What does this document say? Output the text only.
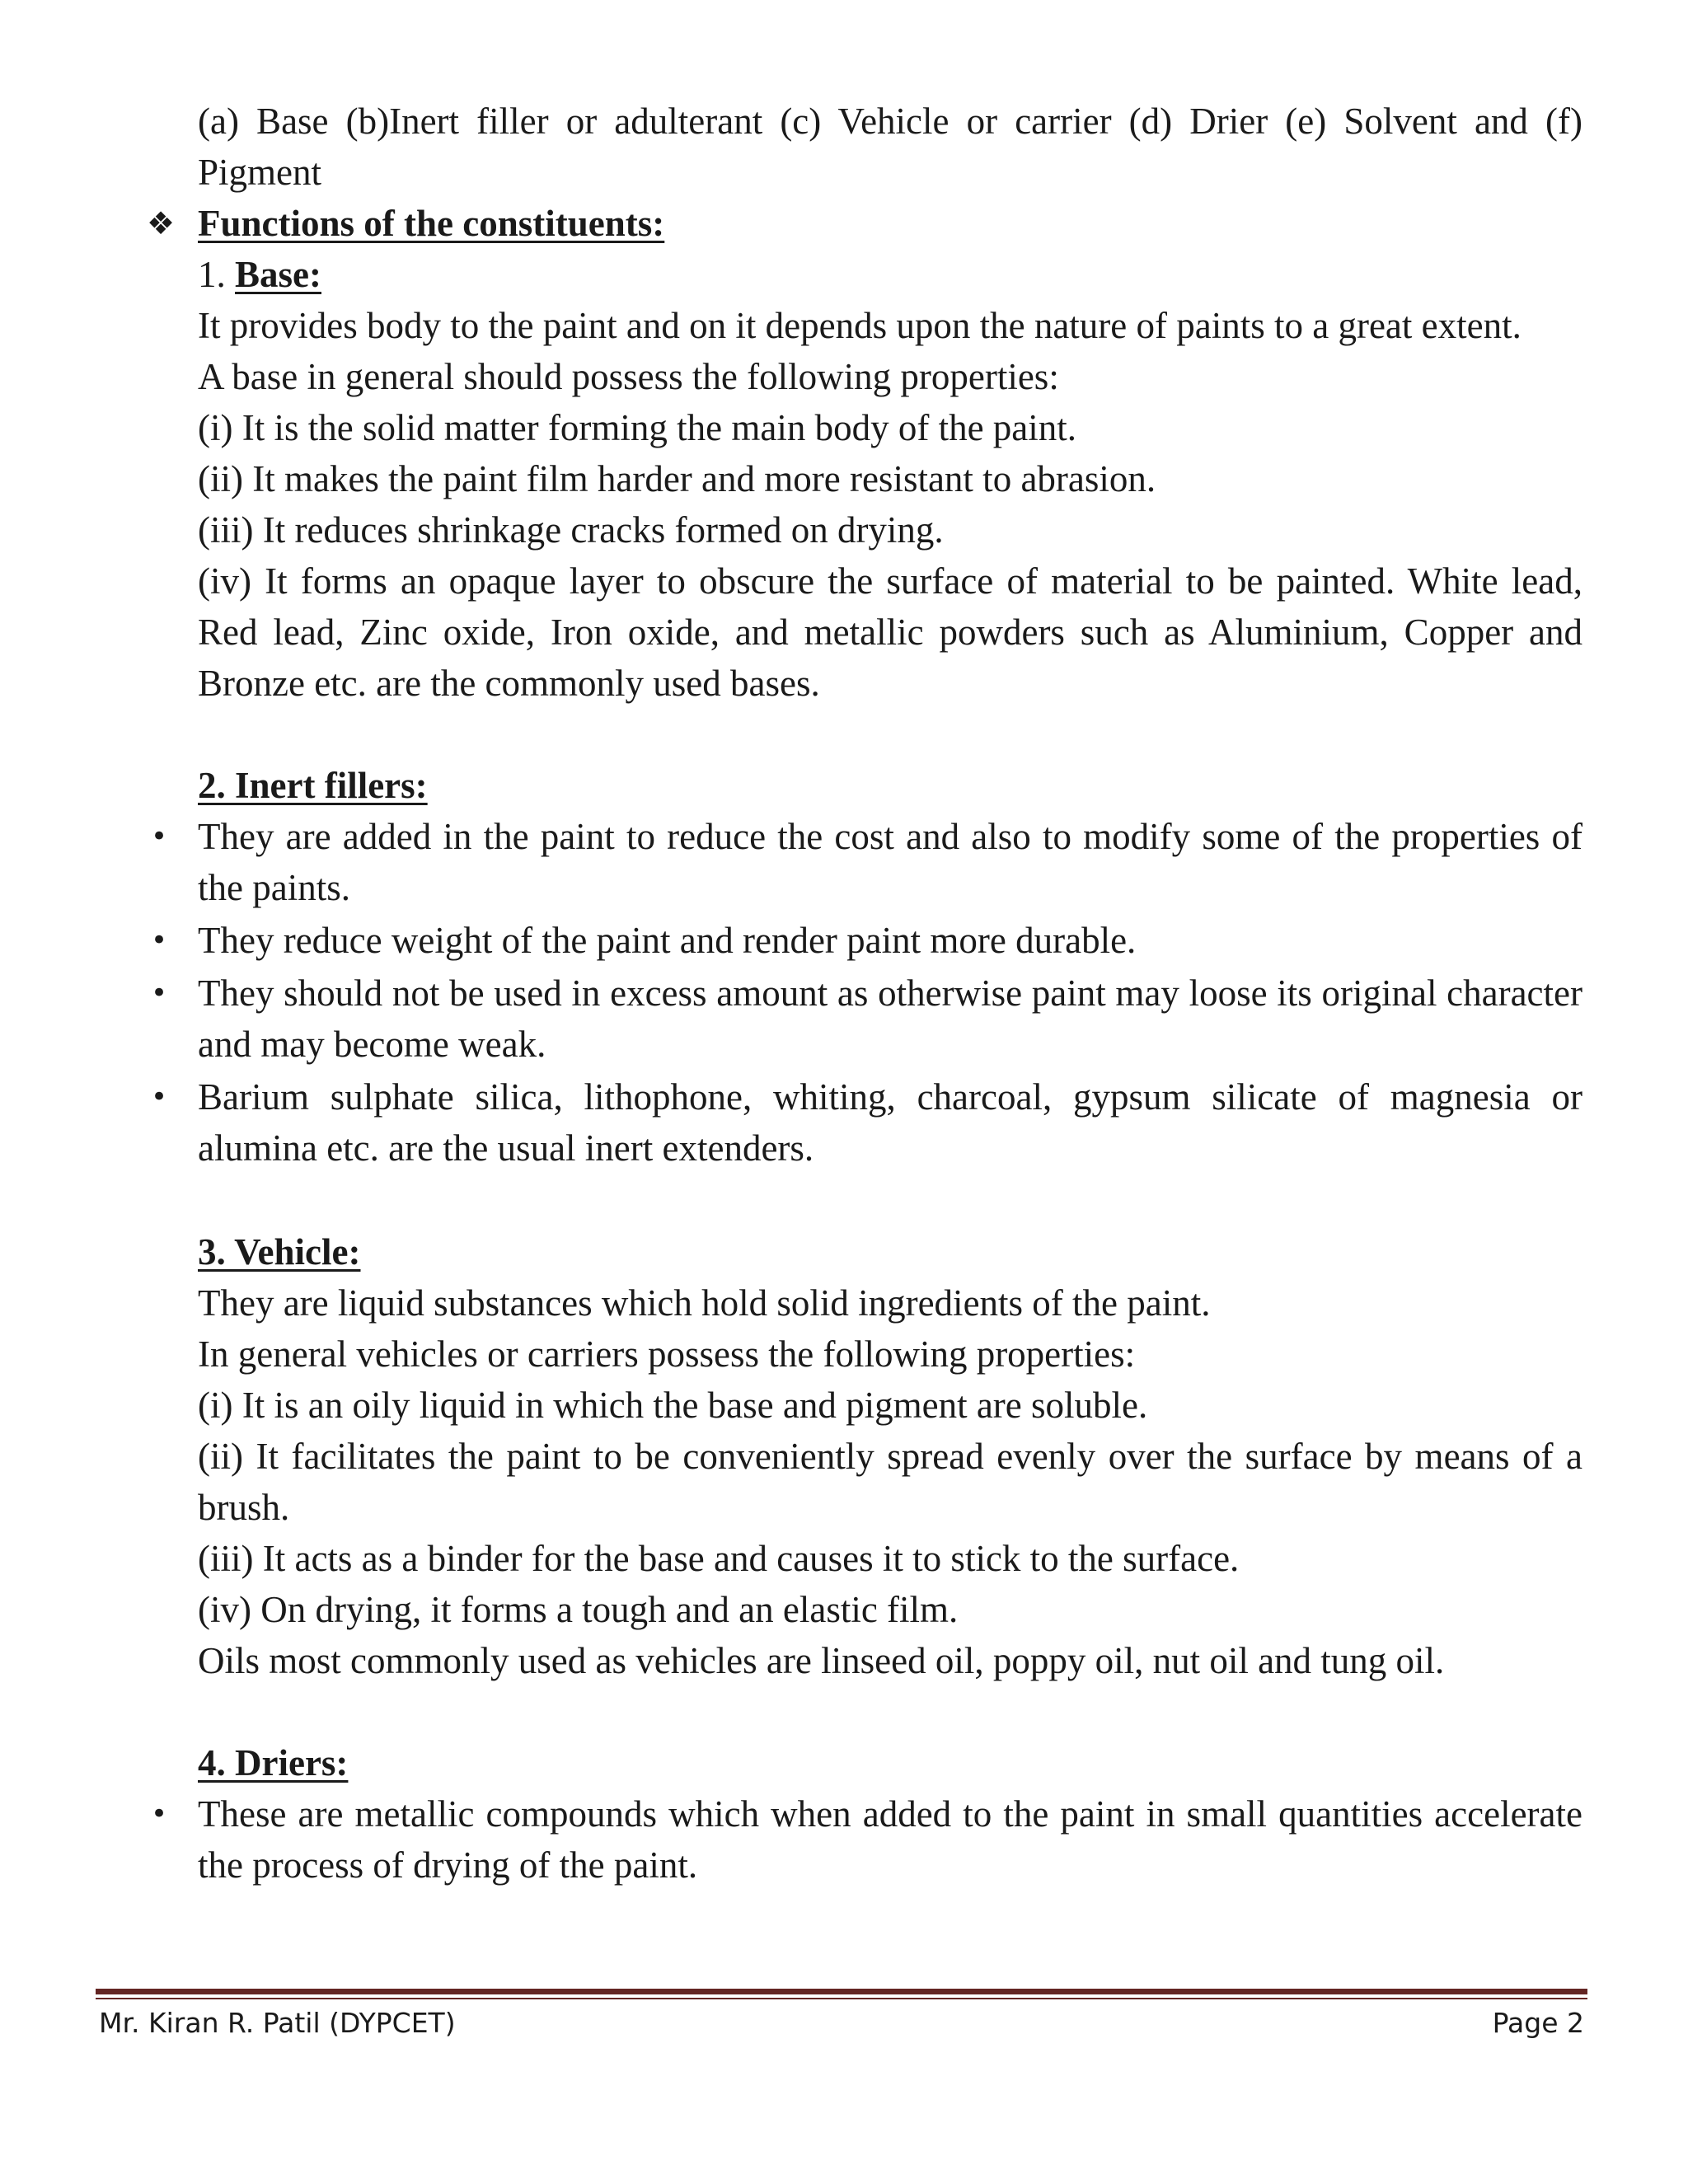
(a) Base (b)Inert filler or adulterant (c) Vehicle or carrier (d) Drier (e) Solvent and (f) Pigment

❖ Functions of the constituents:

1. Base:

It provides body to the paint and on it depends upon the nature of paints to a great extent.

A base in general should possess the following properties:

(i) It is the solid matter forming the main body of the paint.

(ii) It makes the paint film harder and more resistant to abrasion.

(iii) It reduces shrinkage cracks formed on drying.

(iv) It forms an opaque layer to obscure the surface of material to be painted. White lead, Red lead, Zinc oxide, Iron oxide, and metallic powders such as Aluminium, Copper and Bronze etc. are the commonly used bases.

2. Inert fillers:

• They are added in the paint to reduce the cost and also to modify some of the properties of the paints.
• They reduce weight of the paint and render paint more durable.
• They should not be used in excess amount as otherwise paint may loose its original character and may become weak.
• Barium sulphate silica, lithophone, whiting, charcoal, gypsum silicate of magnesia or alumina etc. are the usual inert extenders.

3. Vehicle:

They are liquid substances which hold solid ingredients of the paint.

In general vehicles or carriers possess the following properties:

(i) It is an oily liquid in which the base and pigment are soluble.

(ii) It facilitates the paint to be conveniently spread evenly over the surface by means of a brush.

(iii) It acts as a binder for the base and causes it to stick to the surface.

(iv) On drying, it forms a tough and an elastic film.

Oils most commonly used as vehicles are linseed oil, poppy oil, nut oil and tung oil.

4. Driers:

• These are metallic compounds which when added to the paint in small quantities accelerate the process of drying of the paint.
Mr. Kiran R. Patil (DYPCET)	Page 2
